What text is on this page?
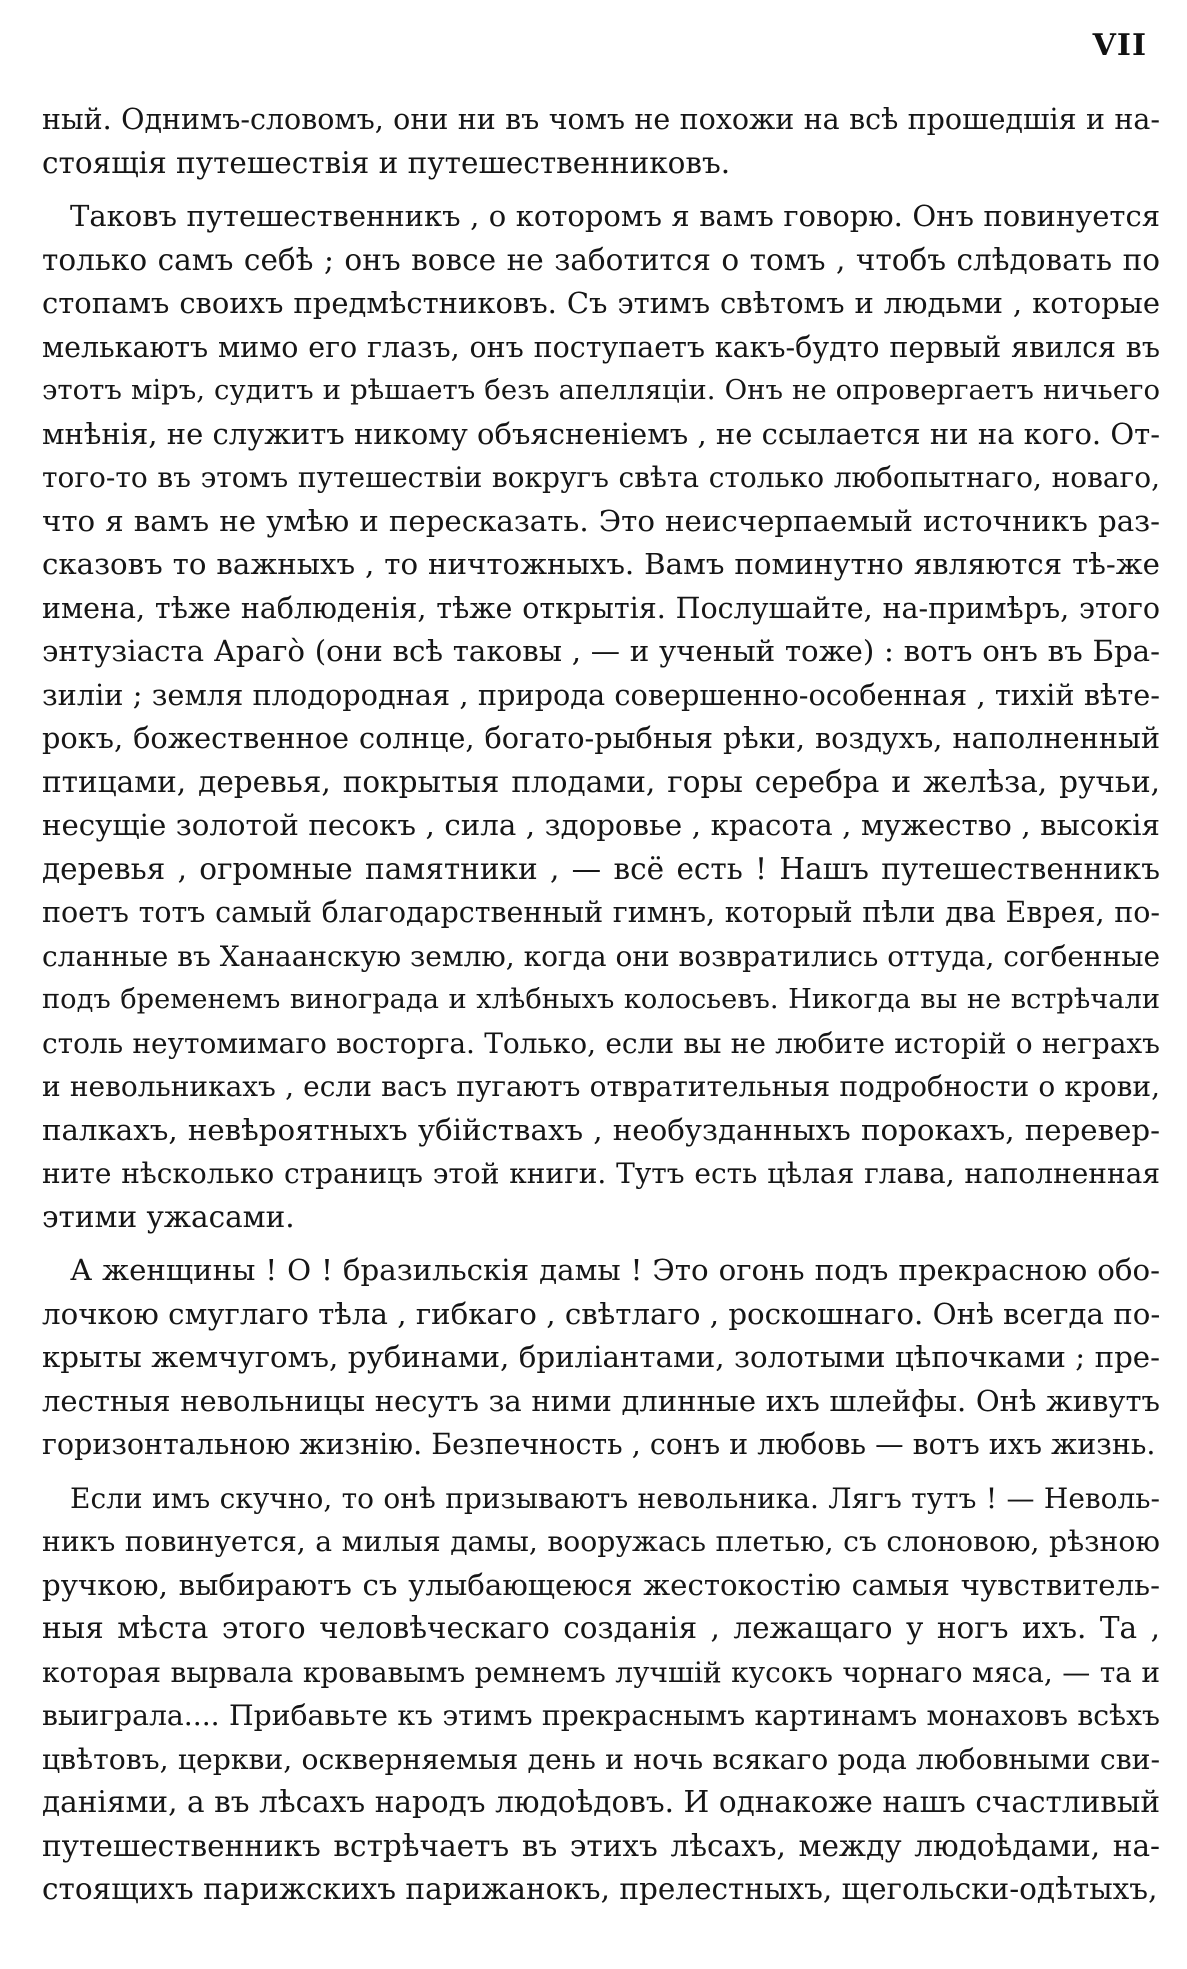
VII
ный. Однимъ-словомъ, они ни въ чомъ не похожи на всѣ прошедшія и на-
стоящія путешествія и путешественниковъ.
Таковъ путешественникъ , о которомъ я вамъ говорю. Онъ повинуется
только самъ себѣ ; онъ вовсе не заботится о томъ , чтобъ слѣдовать по
стопамъ своихъ предмѣстниковъ. Съ этимъ свѣтомъ и людьми , которые
мелькаютъ мимо его глазъ, онъ поступаетъ какъ-будто первый явился въ
этотъ міръ, судитъ и рѣшаетъ безъ апелляціи. Онъ не опровергаетъ ничьего
мнѣнія, не служитъ никому объясненіемъ , не ссылается ни на кого. От-
того-то въ этомъ путешествіи вокругъ свѣта столько любопытнаго, новаго,
что я вамъ не умѣю и пересказать. Это неисчерпаемый источникъ раз-
сказовъ то важныхъ , то ничтожныхъ. Вамъ поминутно являются тѣ-же
имена, тѣже наблюденія, тѣже открытія. Послушайте, на-примѣръ, этого
энтузіаста Араго̀ (они всѣ таковы , — и ученый тоже) : вотъ онъ въ Бра-
зиліи ; земля плодородная , природа совершенно-особенная , тихій вѣте-
рокъ, божественное солнце, богато-рыбныя рѣки, воздухъ, наполненный
птицами, деревья, покрытыя плодами, горы серебра и желѣза, ручьи,
несущіе золотой песокъ , сила , здоровье , красота , мужество , высокія
деревья , огромные памятники , — всё есть ! Нашъ путешественникъ
поетъ тотъ самый благодарственный гимнъ, который пѣли два Еврея, по-
сланные въ Ханаанскую землю, когда они возвратились оттуда, согбенные
подъ бременемъ винограда и хлѣбныхъ колосьевъ. Никогда вы не встрѣчали
столь неутомимаго восторга. Только, если вы не любите исторій о неграхъ
и невольникахъ , если васъ пугаютъ отвратительныя подробности о крови,
палкахъ, невѣроятныхъ убійствахъ , необузданныхъ порокахъ, перевер-
ните нѣсколько страницъ этой книги. Тутъ есть цѣлая глава, наполненная
этими ужасами.
А женщины ! О ! бразильскія дамы ! Это огонь подъ прекрасною обо-
лочкою смуглаго тѣла , гибкаго , свѣтлаго , роскошнаго. Онѣ всегда по-
крыты жемчугомъ, рубинами, бриліантами, золотыми цѣпочками ; пре-
лестныя невольницы несутъ за ними длинные ихъ шлейфы. Онѣ живутъ
горизонтальною жизнію. Безпечность , сонъ и любовь — вотъ ихъ жизнь.
Если имъ скучно, то онѣ призываютъ невольника. Лягъ тутъ ! — Неволь-
никъ повинуется, а милыя дамы, вооружась плетью, съ слоновою, рѣзною
ручкою, выбираютъ съ улыбающеюся жестокостію самыя чувствитель-
ныя мѣста этого человѣческаго созданія , лежащаго у ногъ ихъ. Та ,
которая вырвала кровавымъ ремнемъ лучшій кусокъ чорнаго мяса, — та и
выиграла.... Прибавьте къ этимъ прекраснымъ картинамъ монаховъ всѣхъ
цвѣтовъ, церкви, оскверняемыя день и ночь всякаго рода любовными сви-
даніями, а въ лѣсахъ народъ людоѣдовъ. И однакоже нашъ счастливый
путешественникъ встрѣчаетъ въ этихъ лѣсахъ, между людоѣдами, на-
стоящихъ парижскихъ парижанокъ, прелестныхъ, щегольски-одѣтыхъ,
